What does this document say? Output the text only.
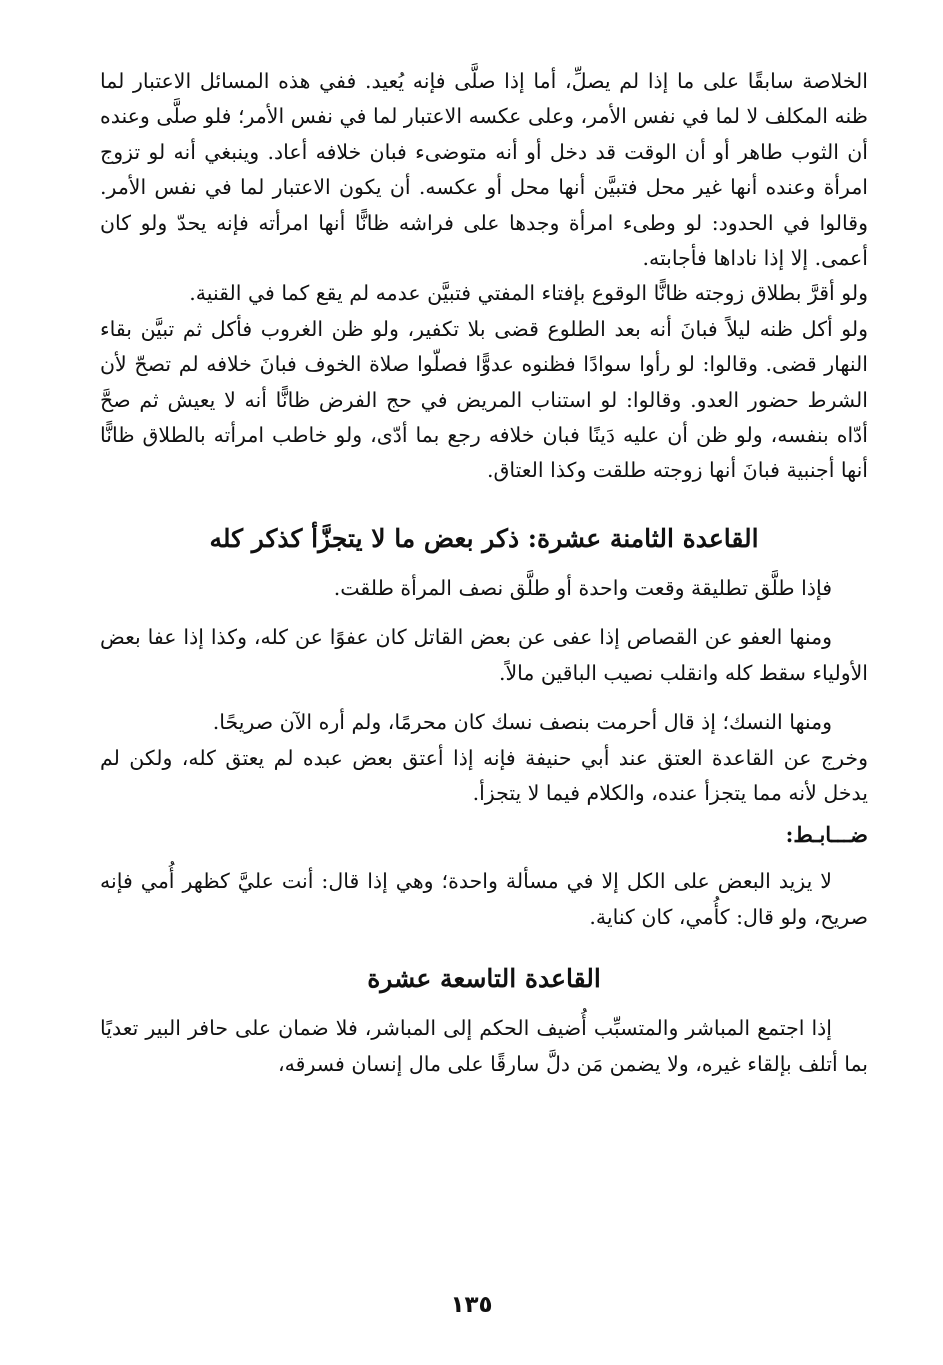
الخلاصة سابقًا على ما إذا لم يصلِّ، أما إذا صلَّى فإنه يُعيد. ففي هذه المسائل الاعتبار لما ظنه المكلف لا لما في نفس الأمر، وعلى عكسه الاعتبار لما في نفس الأمر؛ فلو صلَّى وعنده أن الثوب طاهر أو أن الوقت قد دخل أو أنه متوضىء فبان خلافه أعاد. وينبغي أنه لو تزوج امرأة وعنده أنها غير محل فتبيَّن أنها محل أو عكسه. أن يكون الاعتبار لما في نفس الأمر. وقالوا في الحدود: لو وطىء امرأة وجدها على فراشه ظانًّا أنها امرأته فإنه يحدّ ولو كان أعمى. إلا إذا ناداها فأجابته.

ولو أقرَّ بطلاق زوجته ظانًّا الوقوع بإفتاء المفتي فتبيَّن عدمه لم يقع كما في القنية.

ولو أكل ظنه ليلاً فبانَ أنه بعد الطلوع قضى بلا تكفير، ولو ظن الغروب فأكل ثم تبيَّن بقاء النهار قضى. وقالوا: لو رأوا سوادًا فظنوه عدوًّا فصلّوا صلاة الخوف فبانَ خلافه لم تصحّ لأن الشرط حضور العدو. وقالوا: لو استناب المريض في حج الفرض ظانًّا أنه لا يعيش ثم صحَّ أدّاه بنفسه، ولو ظن أن عليه دَينًا فبان خلافه رجع بما أدّى، ولو خاطب امرأته بالطلاق ظانًّا أنها أجنبية فبانَ أنها زوجته طلقت وكذا العتاق.

القاعدة الثامنة عشرة: ذكر بعض ما لا يتجزَّأ كذكر كله
فإذا طلَّق تطليقة وقعت واحدة أو طلَّق نصف المرأة طلقت.
ومنها العفو عن القصاص إذا عفى عن بعض القاتل كان عفوًا عن كله، وكذا إذا عفا بعض الأولياء سقط كله وانقلب نصيب الباقين مالاً.

ومنها النسك؛ إذ قال أحرمت بنصف نسك كان محرمًا، ولم أره الآن صريحًا.

وخرج عن القاعدة العتق عند أبي حنيفة فإنه إذا أعتق بعض عبده لم يعتق كله، ولكن لم يدخل لأنه مما يتجزأ عنده، والكلام فيما لا يتجزأ.

ضـــابـط:
لا يزيد البعض على الكل إلا في مسألة واحدة؛ وهي إذا قال: أنت عليَّ كظهر أُمي فإنه صريح، ولو قال: كأُمي، كان كناية.
القاعدة التاسعة عشرة
إذا اجتمع المباشر والمتسبِّب أُضيف الحكم إلى المباشر، فلا ضمان على حافر البير تعديًا بما أتلف بإلقاء غيره، ولا يضمن مَن دلَّ سارقًا على مال إنسان فسرقه،
١٣٥
